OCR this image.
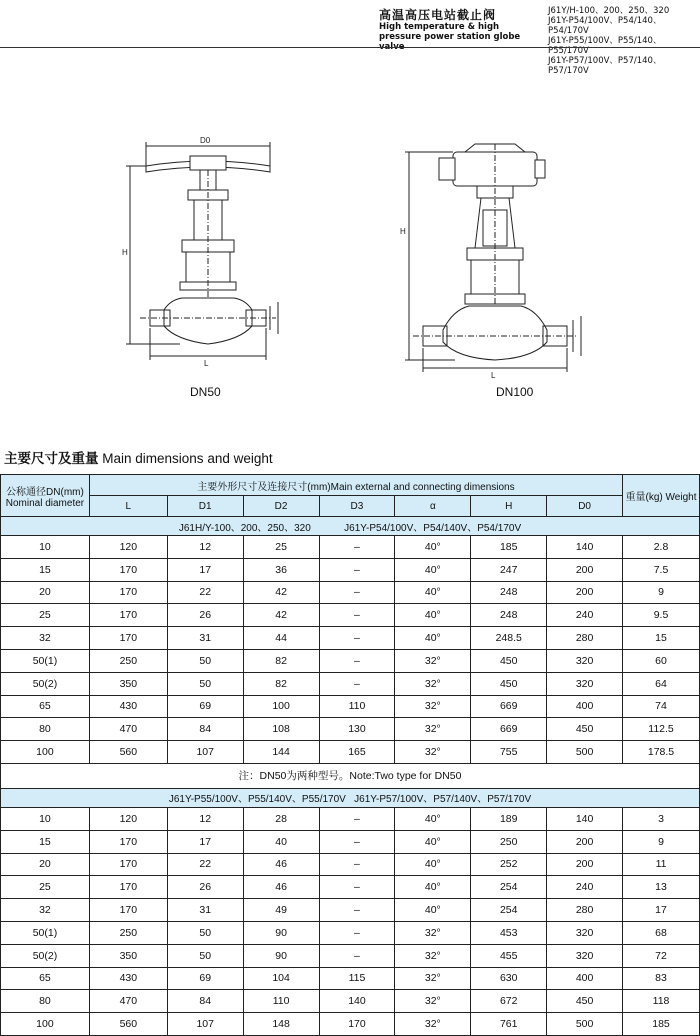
高温高压电站截止阀
High temperature & high pressure power station globe valve
J61Y/H-100、200、250、320
J61Y-P54/100V、P54/140、P54/170V
J61Y-P55/100V、P55/140、P55/170V
J61Y-P57/100V、P57/140、P57/170V
D0
H
L
DN50
H
L
DN100
主要尺寸及重量 Main dimensions and weight
公称通径DN(mm) Nominal diameter	主要外形尺寸及连接尺寸(mm)Main external and connecting dimensions							重量(kg) Weight
	L	D1	D2	D3	α	H	D0	
J61H/Y-100、200、250、320            J61Y-P54/100V、P54/140V、P54/170V								
10	120	12	25	–	40°	185	140	2.8
15	170	17	36	–	40°	247	200	7.5
20	170	22	42	–	40°	248	200	9
25	170	26	42	–	40°	248	240	9.5
32	170	31	44	–	40°	248.5	280	15
50(1)	250	50	82	–	32°	450	320	60
50(2)	350	50	82	–	32°	450	320	64
65	430	69	100	110	32°	669	400	74
80	470	84	108	130	32°	669	450	112.5
100	560	107	144	165	32°	755	500	178.5
注：DN50为两种型号。Note:Two type for DN50								
J61Y-P55/100V、P55/140V、P55/170V   J61Y-P57/100V、P57/140V、P57/170V								
10	120	12	28	–	40°	189	140	3
15	170	17	40	–	40°	250	200	9
20	170	22	46	–	40°	252	200	11
25	170	26	46	–	40°	254	240	13
32	170	31	49	–	40°	254	280	17
50(1)	250	50	90	–	32°	453	320	68
50(2)	350	50	90	–	32°	455	320	72
65	430	69	104	115	32°	630	400	83
80	470	84	110	140	32°	672	450	118
100	560	107	148	170	32°	761	500	185
